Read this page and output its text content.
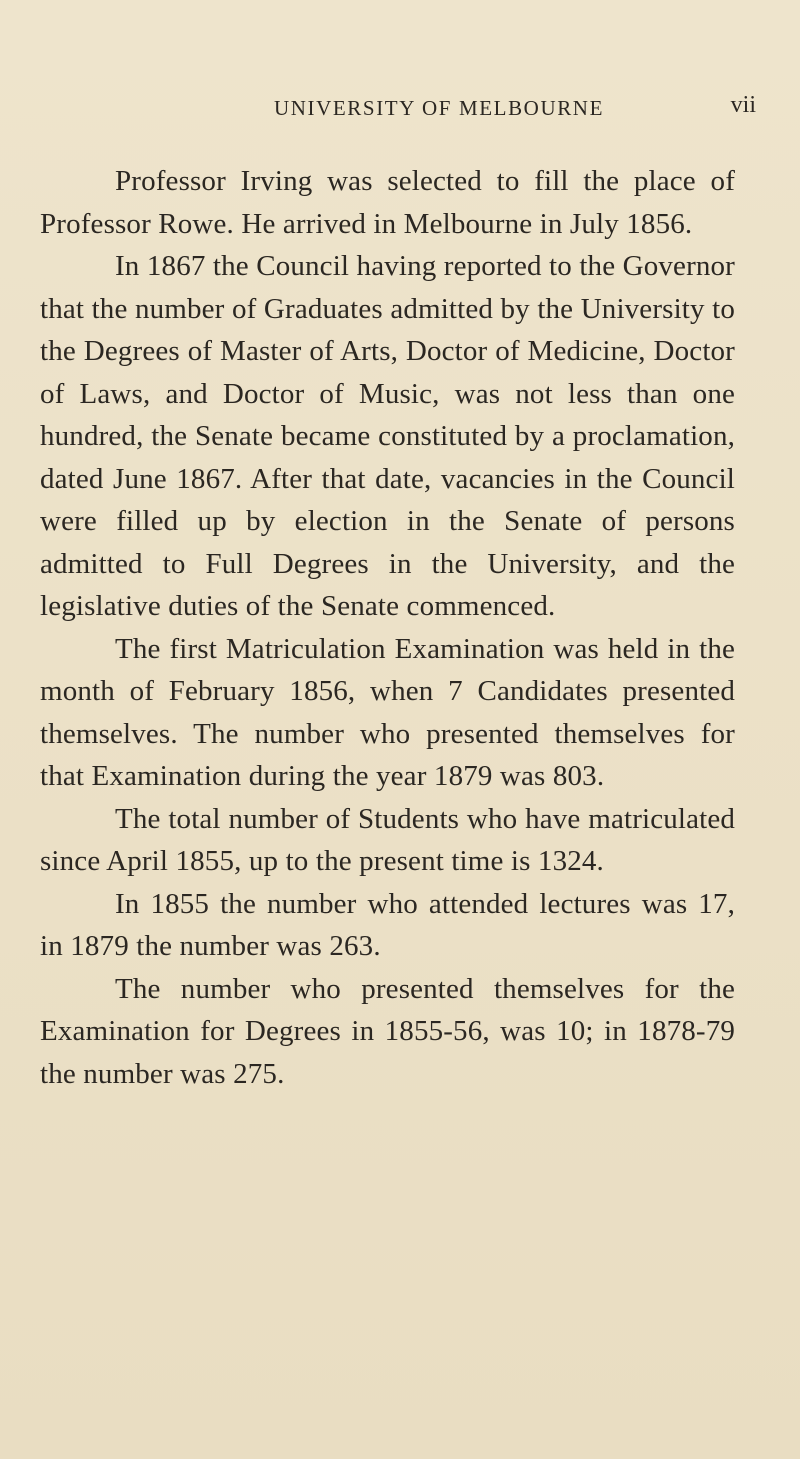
UNIVERSITY OF MELBOURNE	vii

Professor Irving was selected to fill the place of Professor Rowe. He arrived in Melbourne in July 1856.

In 1867 the Council having reported to the Governor that the number of Graduates admitted by the University to the Degrees of Master of Arts, Doctor of Medicine, Doctor of Laws, and Doctor of Music, was not less than one hundred, the Senate became constituted by a proclamation, dated June 1867. After that date, vacancies in the Council were filled up by election in the Senate of persons admitted to Full Degrees in the University, and the legislative duties of the Senate commenced.

The first Matriculation Examination was held in the month of February 1856, when 7 Candidates presented themselves. The number who presented themselves for that Examination during the year 1879 was 803.

The total number of Students who have matriculated since April 1855, up to the present time is 1324.

In 1855 the number who attended lectures was 17, in 1879 the number was 263.

The number who presented themselves for the Examination for Degrees in 1855-56, was 10; in 1878-79 the number was 275.
